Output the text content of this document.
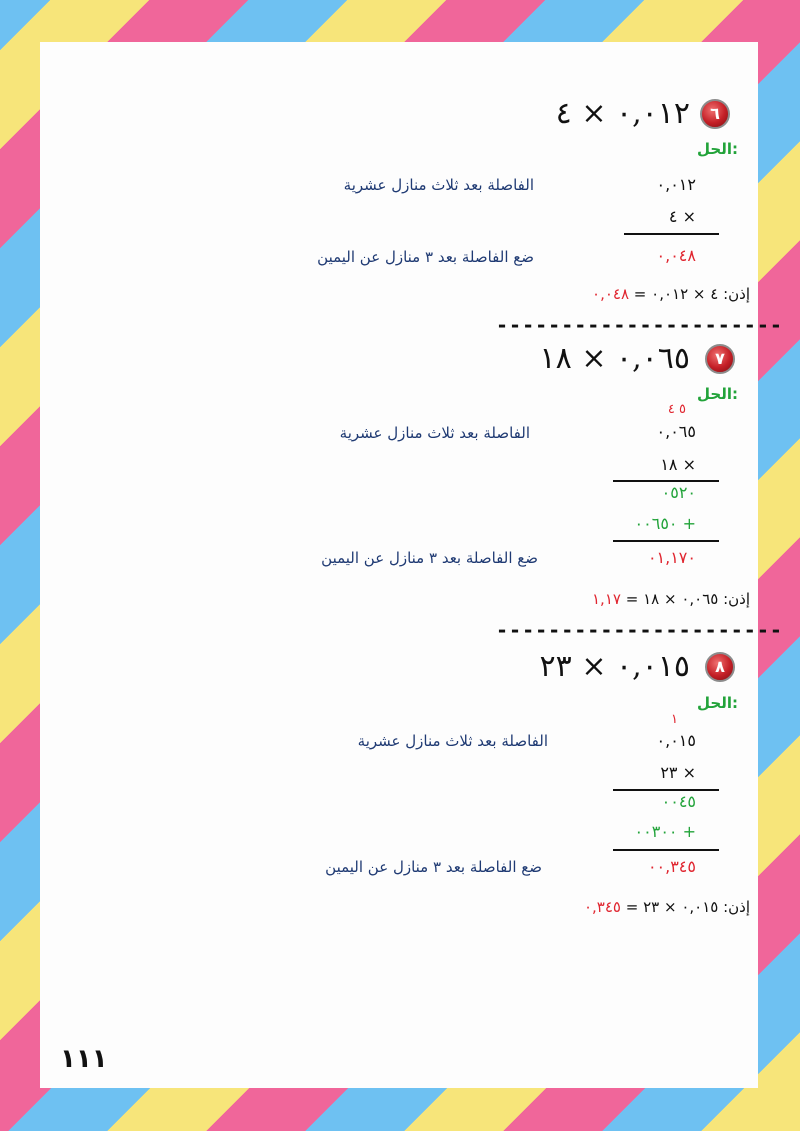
٦
٠,٠١٢ × ٤
الحل:
٠,٠١٢
الفاصلة بعد ثلاث منازل عشرية
× ٤
٠,٠٤٨
ضع الفاصلة بعد ٣ منازل عن اليمين
إذن: ٤ × ٠,٠١٢ = ٠,٠٤٨
----------------------
٧
٠,٠٦٥ × ١٨
الحل:
٥ ٤
٠,٠٦٥
الفاصلة بعد ثلاث منازل عشرية
× ١٨
٠٥٢٠
+ ٠٠٦٥٠
٠١,١٧٠
ضع الفاصلة بعد ٣ منازل عن اليمين
إذن: ٠,٠٦٥ × ١٨ = ١,١٧
----------------------
٨
٠,٠١٥ × ٢٣
الحل:
١
٠,٠١٥
الفاصلة بعد ثلاث منازل عشرية
× ٢٣
٠٠٤٥
+ ٠٠٣٠٠
٠٠,٣٤٥
ضع الفاصلة بعد ٣ منازل عن اليمين
إذن: ٠,٠١٥ × ٢٣ = ٠,٣٤٥
١١١
